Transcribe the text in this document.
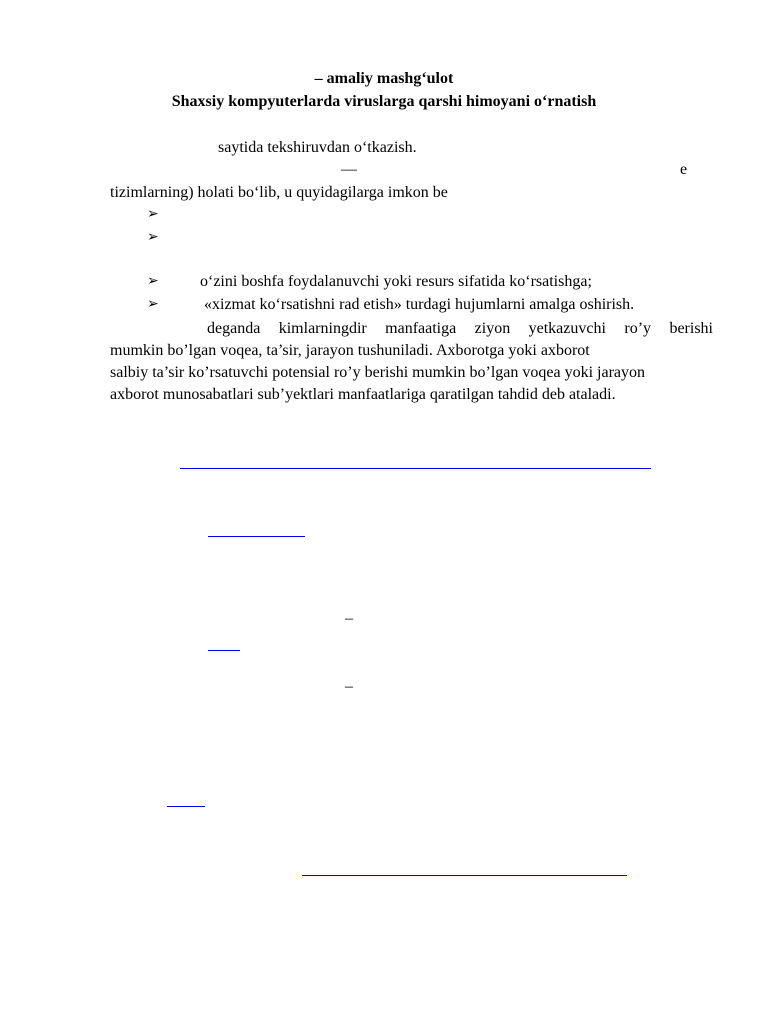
– amaliy mashg‘ulot
Shaxsiy kompyuterlarda viruslarga qarshi himoyani o‘rnatish
saytida tekshiruvdan o‘tkazish.
—	e
tizimlarning) holati bo‘lib, u quyidagilarga imkon be
➢
➢
➢	o‘zini boshfa foydalanuvchi yoki resurs sifatida ko‘rsatishga;
➢	«xizmat ko‘rsatishni rad etish» turdagi hujumlarni amalga oshirish.
deganda kimlarningdir manfaatiga ziyon yetkazuvchi ro’y berishi
mumkin bo’lgan voqea, ta’sir, jarayon tushuniladi. Axborotga yoki axborot
salbiy ta’sir ko’rsatuvchi potensial ro’y berishi mumkin bo’lgan voqea yoki jarayon
axborot munosabatlari sub’yektlari manfaatlariga qaratilgan tahdid deb ataladi.
–
–
